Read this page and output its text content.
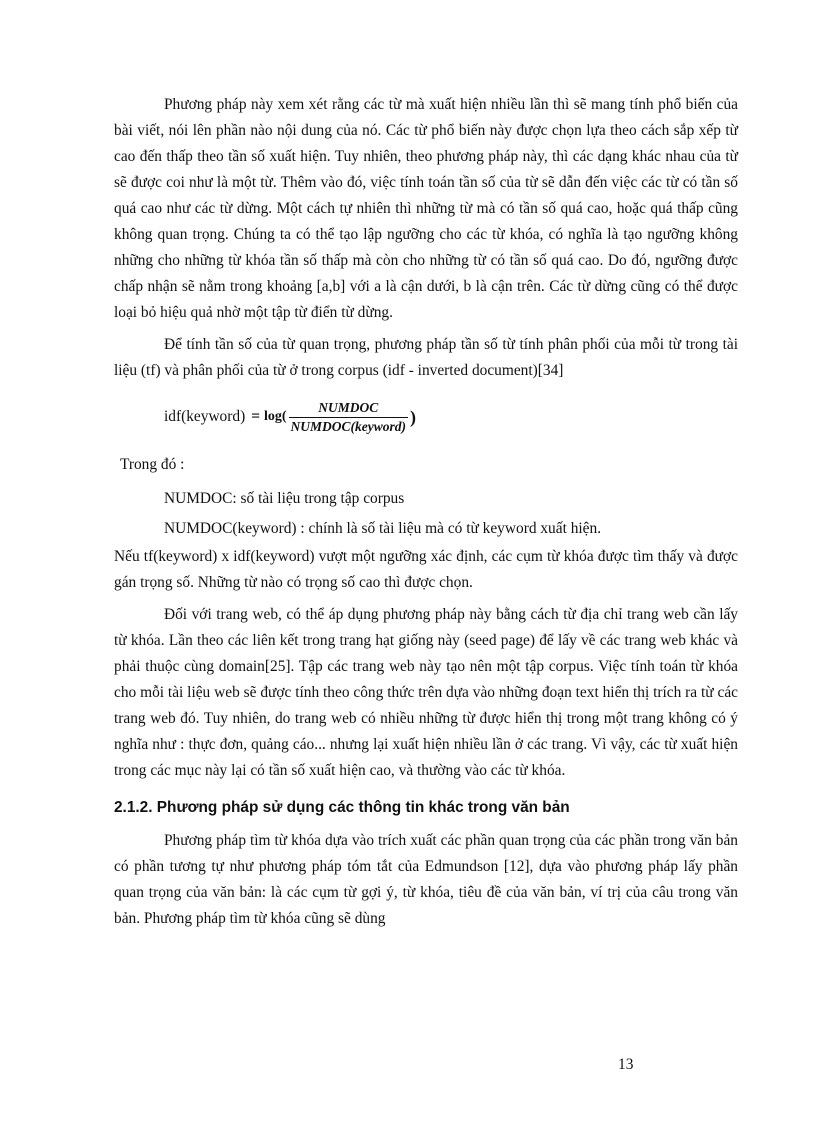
Phương pháp này xem xét rằng các từ mà xuất hiện nhiều lần thì sẽ mang tính phổ biến của bài viết, nói lên phần nào nội dung của nó. Các từ phổ biến này được chọn lựa theo cách sắp xếp từ cao đến thấp theo tần số xuất hiện. Tuy nhiên, theo phương pháp này, thì các dạng khác nhau của từ sẽ được coi như là một từ. Thêm vào đó, việc tính toán tần số của từ sẽ dẫn đến việc các từ có tần số quá cao như các từ dừng. Một cách tự nhiên thì những từ mà có tần số quá cao, hoặc quá thấp cũng không quan trọng. Chúng ta có thể tạo lập ngưỡng cho các từ khóa, có nghĩa là tạo ngưỡng không những cho những từ khóa tần số thấp mà còn cho những từ có tần số quá cao. Do đó, ngưỡng được chấp nhận sẽ nằm trong khoảng [a,b] với a là cận dưới, b là cận trên. Các từ dừng cũng có thể được loại bỏ hiệu quả nhờ một tập từ điển từ dừng.

Để tính tần số của từ quan trọng, phương pháp tần số từ tính phân phối của mỗi từ trong tài liệu (tf) và phân phối của từ ở trong corpus (idf - inverted document)[34]

idf(keyword) = $\log( \frac{\text{NUMDOC}}{\text{NUMDOC(keyword)}}$ )
Trong đó :
NUMDOC: số tài liệu trong tập corpus
NUMDOC(keyword) : chính là số tài liệu mà có từ keyword xuất hiện.

Nếu tf(keyword) x idf(keyword) vượt một ngưỡng xác định, các cụm từ khóa được tìm thấy và được gán trọng số. Những từ nào có trọng số cao thì được chọn.

Đối với trang web, có thể áp dụng phương pháp này bằng cách từ địa chỉ trang web cần lấy từ khóa. Lần theo các liên kết trong trang hạt giống này (seed page) để lấy về các trang web khác và phải thuộc cùng domain[25]. Tập các trang web này tạo nên một tập corpus. Việc tính toán từ khóa cho mỗi tài liệu web sẽ được tính theo công thức trên dựa vào những đoạn text hiển thị trích ra từ các trang web đó. Tuy nhiên, do trang web có nhiều những từ được hiển thị trong một trang không có ý nghĩa như : thực đơn, quảng cáo... nhưng lại xuất hiện nhiều lần ở các trang. Vì vậy, các từ xuất hiện trong các mục này lại có tần số xuất hiện cao, và thường vào các từ khóa.

2.1.2. Phương pháp sử dụng các thông tin khác trong văn bản

Phương pháp tìm từ khóa dựa vào trích xuất các phần quan trọng của các phần trong văn bản có phần tương tự như phương pháp tóm tắt của Edmundson [12], dựa vào phương pháp lấy phần quan trọng của văn bản: là các cụm từ gợi ý, từ khóa, tiêu đề của văn bản, ví trị của câu trong văn bản. Phương pháp tìm từ khóa cũng sẽ dùng

13
